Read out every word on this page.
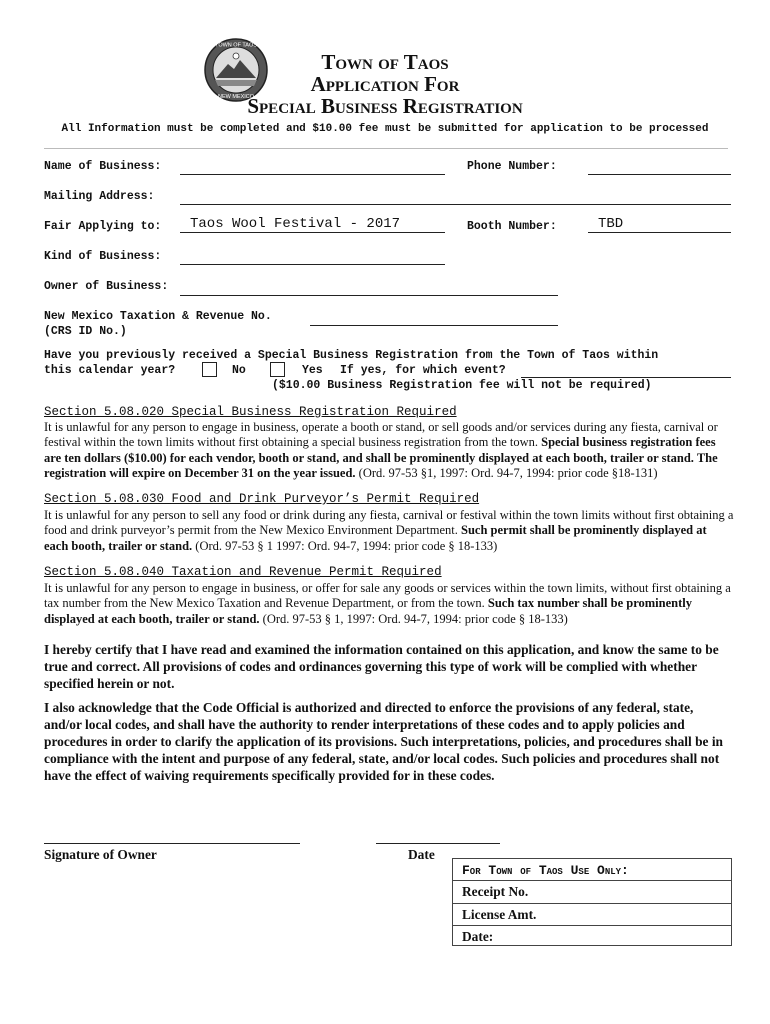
TOWN OF TAOS
NEW MEXICO
Town of Taos
Application For
Special Business Registration
All Information must be completed and $10.00 fee must be submitted for application to be processed
Name of Business:	Phone Number:
Mailing Address:
Fair Applying to: Taos Wool Festival - 2017	Booth Number:	TBD
Kind of Business:
Owner of Business:
New Mexico Taxation & Revenue No.
(CRS ID No.)
Have you previously received a Special Business Registration from the Town of Taos within
this calendar year?	No	Yes If yes, for which event?
($10.00 Business Registration fee will not be required)
Section 5.08.020 Special Business Registration Required
It is unlawful for any person to engage in business, operate a booth or stand, or sell goods and/or services during any fiesta, carnival or festival within the town limits without first obtaining a special business registration from the town. Special business registration fees are ten dollars ($10.00) for each vendor, booth or stand, and shall be prominently displayed at each booth, trailer or stand. The registration will expire on December 31 on the year issued. (Ord. 97-53 §1, 1997: Ord. 94-7, 1994: prior code §18-131)
Section 5.08.030 Food and Drink Purveyor’s Permit Required
It is unlawful for any person to sell any food or drink during any fiesta, carnival or festival within the town limits without first obtaining a food and drink purveyor’s permit from the New Mexico Environment Department. Such permit shall be prominently displayed at each booth, trailer or stand. (Ord. 97-53 § 1 1997: Ord. 94-7, 1994: prior code § 18-133)
Section 5.08.040 Taxation and Revenue Permit Required
It is unlawful for any person to engage in business, or offer for sale any goods or services within the town limits, without first obtaining a tax number from the New Mexico Taxation and Revenue Department, or from the town. Such tax number shall be prominently displayed at each booth, trailer or stand. (Ord. 97-53 § 1, 1997: Ord. 94-7, 1994: prior code § 18-133)
I hereby certify that I have read and examined the information contained on this application, and know the same to be true and correct. All provisions of codes and ordinances governing this type of work will be complied with whether specified herein or not.
I also acknowledge that the Code Official is authorized and directed to enforce the provisions of any federal, state, and/or local codes, and shall have the authority to render interpretations of these codes and to apply policies and procedures in order to clarify the application of its provisions. Such interpretations, policies, and procedures shall be in compliance with the intent and purpose of any federal, state, and/or local codes. Such policies and procedures shall not have the effect of waiving requirements specifically provided for in these codes.
Signature of Owner	Date
For Town of Taos Use Only:
Receipt No.
License Amt.
Date:
